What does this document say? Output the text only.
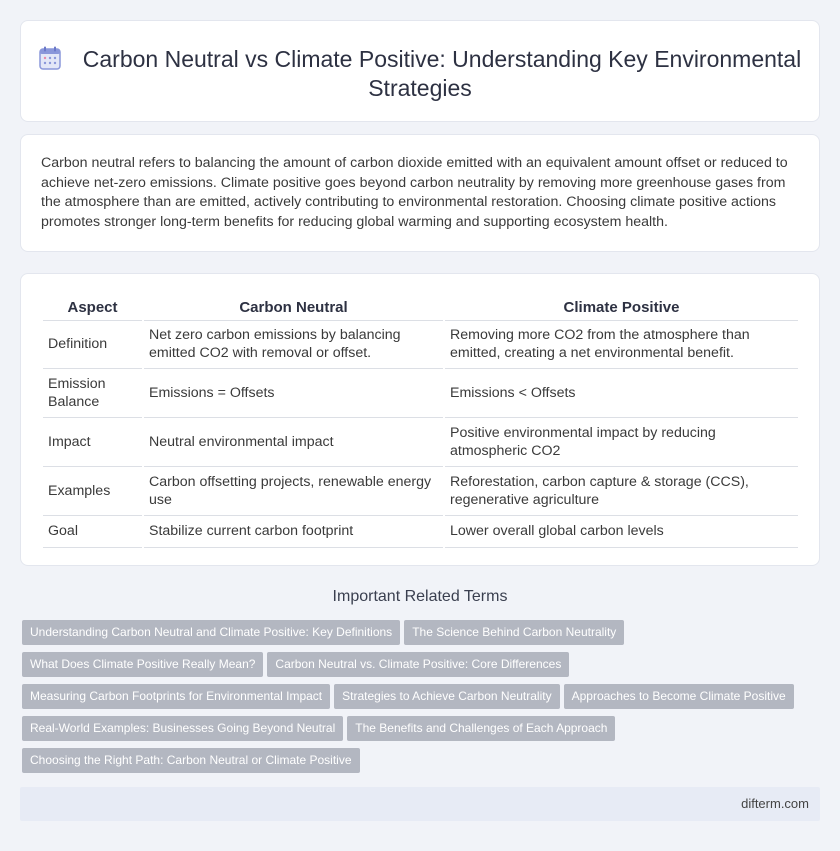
Carbon Neutral vs Climate Positive: Understanding Key Environmental Strategies

Carbon neutral refers to balancing the amount of carbon dioxide emitted with an equivalent amount offset or reduced to achieve net-zero emissions. Climate positive goes beyond carbon neutrality by removing more greenhouse gases from the atmosphere than are emitted, actively contributing to environmental restoration. Choosing climate positive actions promotes stronger long-term benefits for reducing global warming and supporting ecosystem health.

Aspect	Carbon Neutral	Climate Positive
Definition	Net zero carbon emissions by balancing emitted CO2 with removal or offset.	Removing more CO2 from the atmosphere than emitted, creating a net environmental benefit.
Emission Balance	Emissions = Offsets	Emissions < Offsets
Impact	Neutral environmental impact	Positive environmental impact by reducing atmospheric CO2
Examples	Carbon offsetting projects, renewable energy use	Reforestation, carbon capture & storage (CCS), regenerative agriculture
Goal	Stabilize current carbon footprint	Lower overall global carbon levels
Important Related Terms
Understanding Carbon Neutral and Climate Positive: Key Definitions	The Science Behind Carbon Neutrality
What Does Climate Positive Really Mean?	Carbon Neutral vs. Climate Positive: Core Differences
Measuring Carbon Footprints for Environmental Impact	Strategies to Achieve Carbon Neutrality	Approaches to Become Climate Positive
Real-World Examples: Businesses Going Beyond Neutral	The Benefits and Challenges of Each Approach
Choosing the Right Path: Carbon Neutral or Climate Positive
difterm.com
